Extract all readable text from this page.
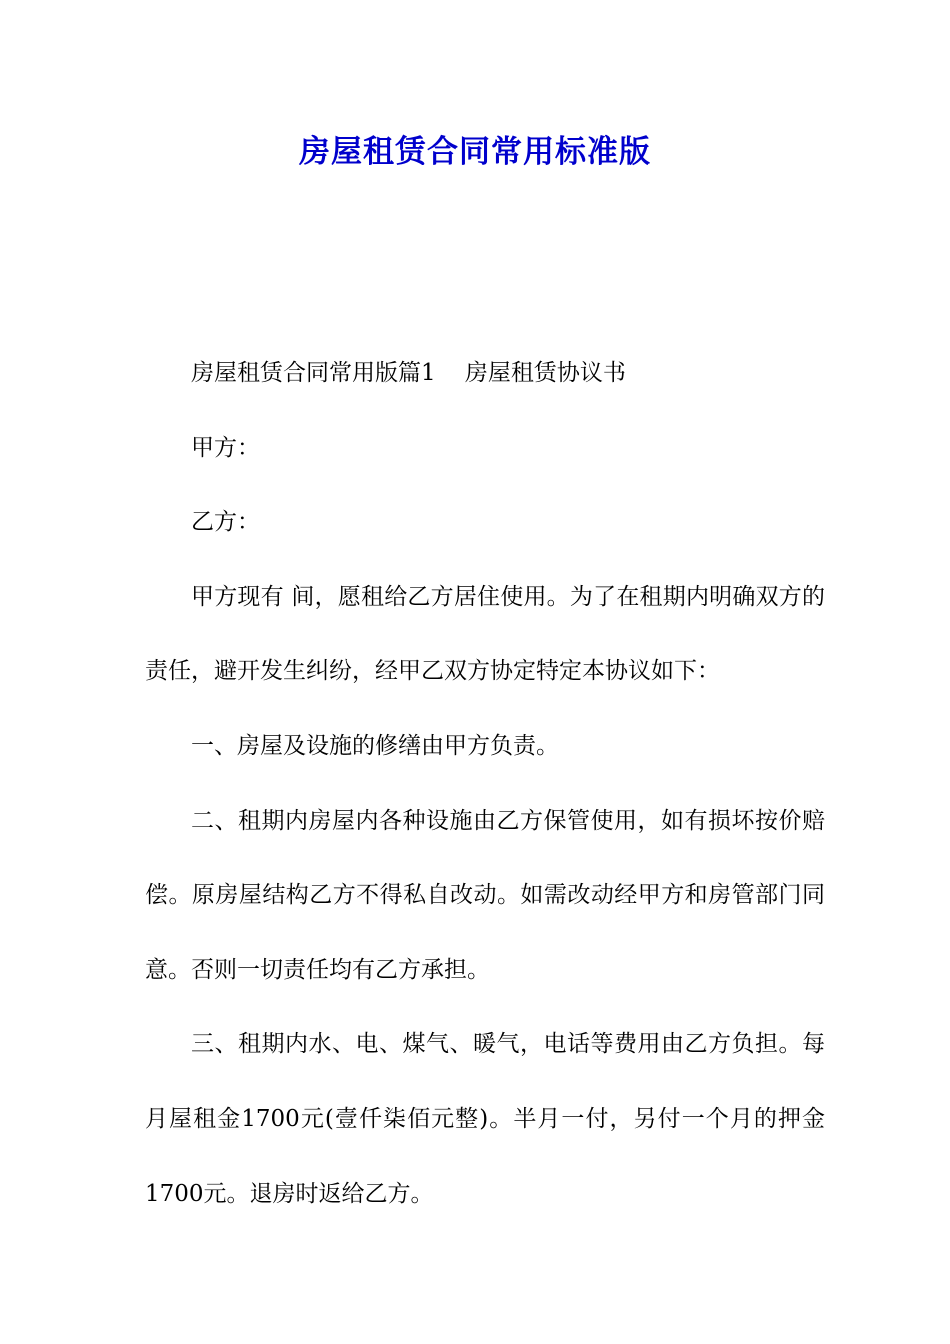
房屋租赁合同常用标准版

房屋租赁合同常用版篇1    房屋租赁协议书

甲方：

乙方：

甲方现有 间，愿租给乙方居住使用。为了在租期内明确双方的责任，避开发生纠纷，经甲乙双方协定特定本协议如下：

一、房屋及设施的修缮由甲方负责。

二、租期内房屋内各种设施由乙方保管使用，如有损坏按价赔偿。原房屋结构乙方不得私自改动。如需改动经甲方和房管部门同意。否则一切责任均有乙方承担。

三、租期内水、电、煤气、暖气，电话等费用由乙方负担。每月屋租金1700元(壹仟柒佰元整)。半月一付，另付一个月的押金1700元。退房时返给乙方。
